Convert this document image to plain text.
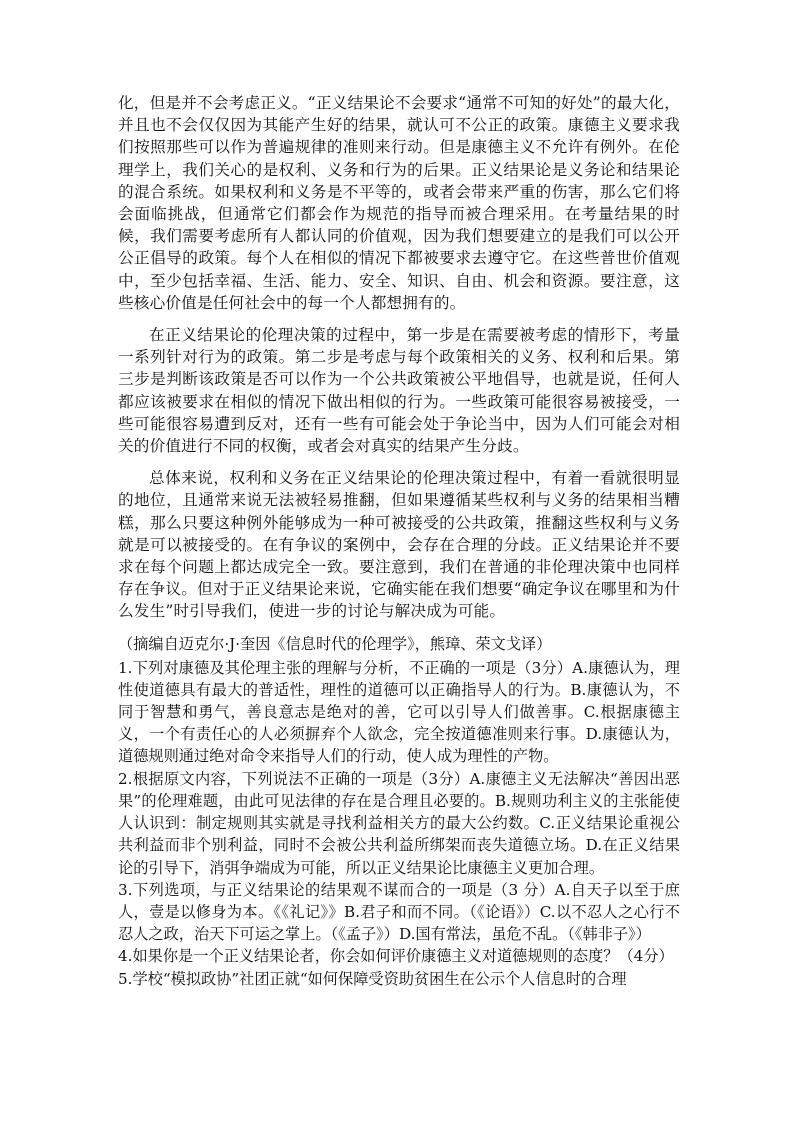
化，但是并不会考虑正义。“正义结果论不会要求“通常不可知的好处”的最大化，并且也不会仅仅因为其能产生好的结果，就认可不公正的政策。康德主义要求我们按照那些可以作为普遍规律的准则来行动。但是康德主义不允许有例外。在伦理学上，我们关心的是权利、义务和行为的后果。正义结果论是义务论和结果论的混合系统。如果权利和义务是不平等的，或者会带来严重的伤害，那么它们将会面临挑战，但通常它们都会作为规范的指导而被合理采用。在考量结果的时候，我们需要考虑所有人都认同的价值观，因为我们想要建立的是我们可以公开公正倡导的政策。每个人在相似的情况下都被要求去遵守它。在这些普世价值观中，至少包括幸福、生活、能力、安全、知识、自由、机会和资源。要注意，这些核心价值是任何社会中的每一个人都想拥有的。

在正义结果论的伦理决策的过程中，第一步是在需要被考虑的情形下，考量一系列针对行为的政策。第二步是考虑与每个政策相关的义务、权利和后果。第三步是判断该政策是否可以作为一个公共政策被公平地倡导，也就是说，任何人都应该被要求在相似的情况下做出相似的行为。一些政策可能很容易被接受，一些可能很容易遭到反对，还有一些有可能会处于争论当中，因为人们可能会对相关的价值进行不同的权衡，或者会对真实的结果产生分歧。

总体来说，权利和义务在正义结果论的伦理决策过程中，有着一看就很明显的地位，且通常来说无法被轻易推翻，但如果遵循某些权利与义务的结果相当糟糕，那么只要这种例外能够成为一种可被接受的公共政策，推翻这些权利与义务就是可以被接受的。在有争议的案例中，会存在合理的分歧。正义结果论并不要求在每个问题上都达成完全一致。要注意到，我们在普通的非伦理决策中也同样存在争议。但对于正义结果论来说，它确实能在我们想要“确定争议在哪里和为什么发生”时引导我们，使进一步的讨论与解决成为可能。

（摘编自迈克尔·J·奎因《信息时代的伦理学》，熊璋、荣文戈译）

1.下列对康德及其伦理主张的理解与分析，不正确的一项是（3分）A.康德认为，理性使道德具有最大的普适性，理性的道德可以正确指导人的行为。B.康德认为，不同于智慧和勇气，善良意志是绝对的善，它可以引导人们做善事。C.根据康德主义，一个有责任心的人必须摒弃个人欲念，完全按道德准则来行事。D.康德认为，道德规则通过绝对命令来指导人们的行动，使人成为理性的产物。

2.根据原文内容，下列说法不正确的一项是（3分）A.康德主义无法解决“善因出恶果”的伦理难题，由此可见法律的存在是合理且必要的。B.规则功利主义的主张能使人认识到：制定规则其实就是寻找利益相关方的最大公约数。C.正义结果论重视公共利益而非个别利益，同时不会被公共利益所绑架而丧失道德立场。D.在正义结果论的引导下，消弭争端成为可能，所以正义结果论比康德主义更加合理。

3.下列选项，与正义结果论的结果观不谋而合的一项是（3 分）A.自天子以至于庶人，壹是以修身为本。《《礼记》》B.君子和而不同。（《论语》）C.以不忍人之心行不忍人之政，治天下可运之掌上。（《孟子》）D.国有常法，虽危不乱。（《韩非子》）

4.如果你是一个正义结果论者，你会如何评价康德主义对道德规则的态度？（4分）

5.学校“模拟政协”社团正就“如何保障受资助贫困生在公示个人信息时的合理
